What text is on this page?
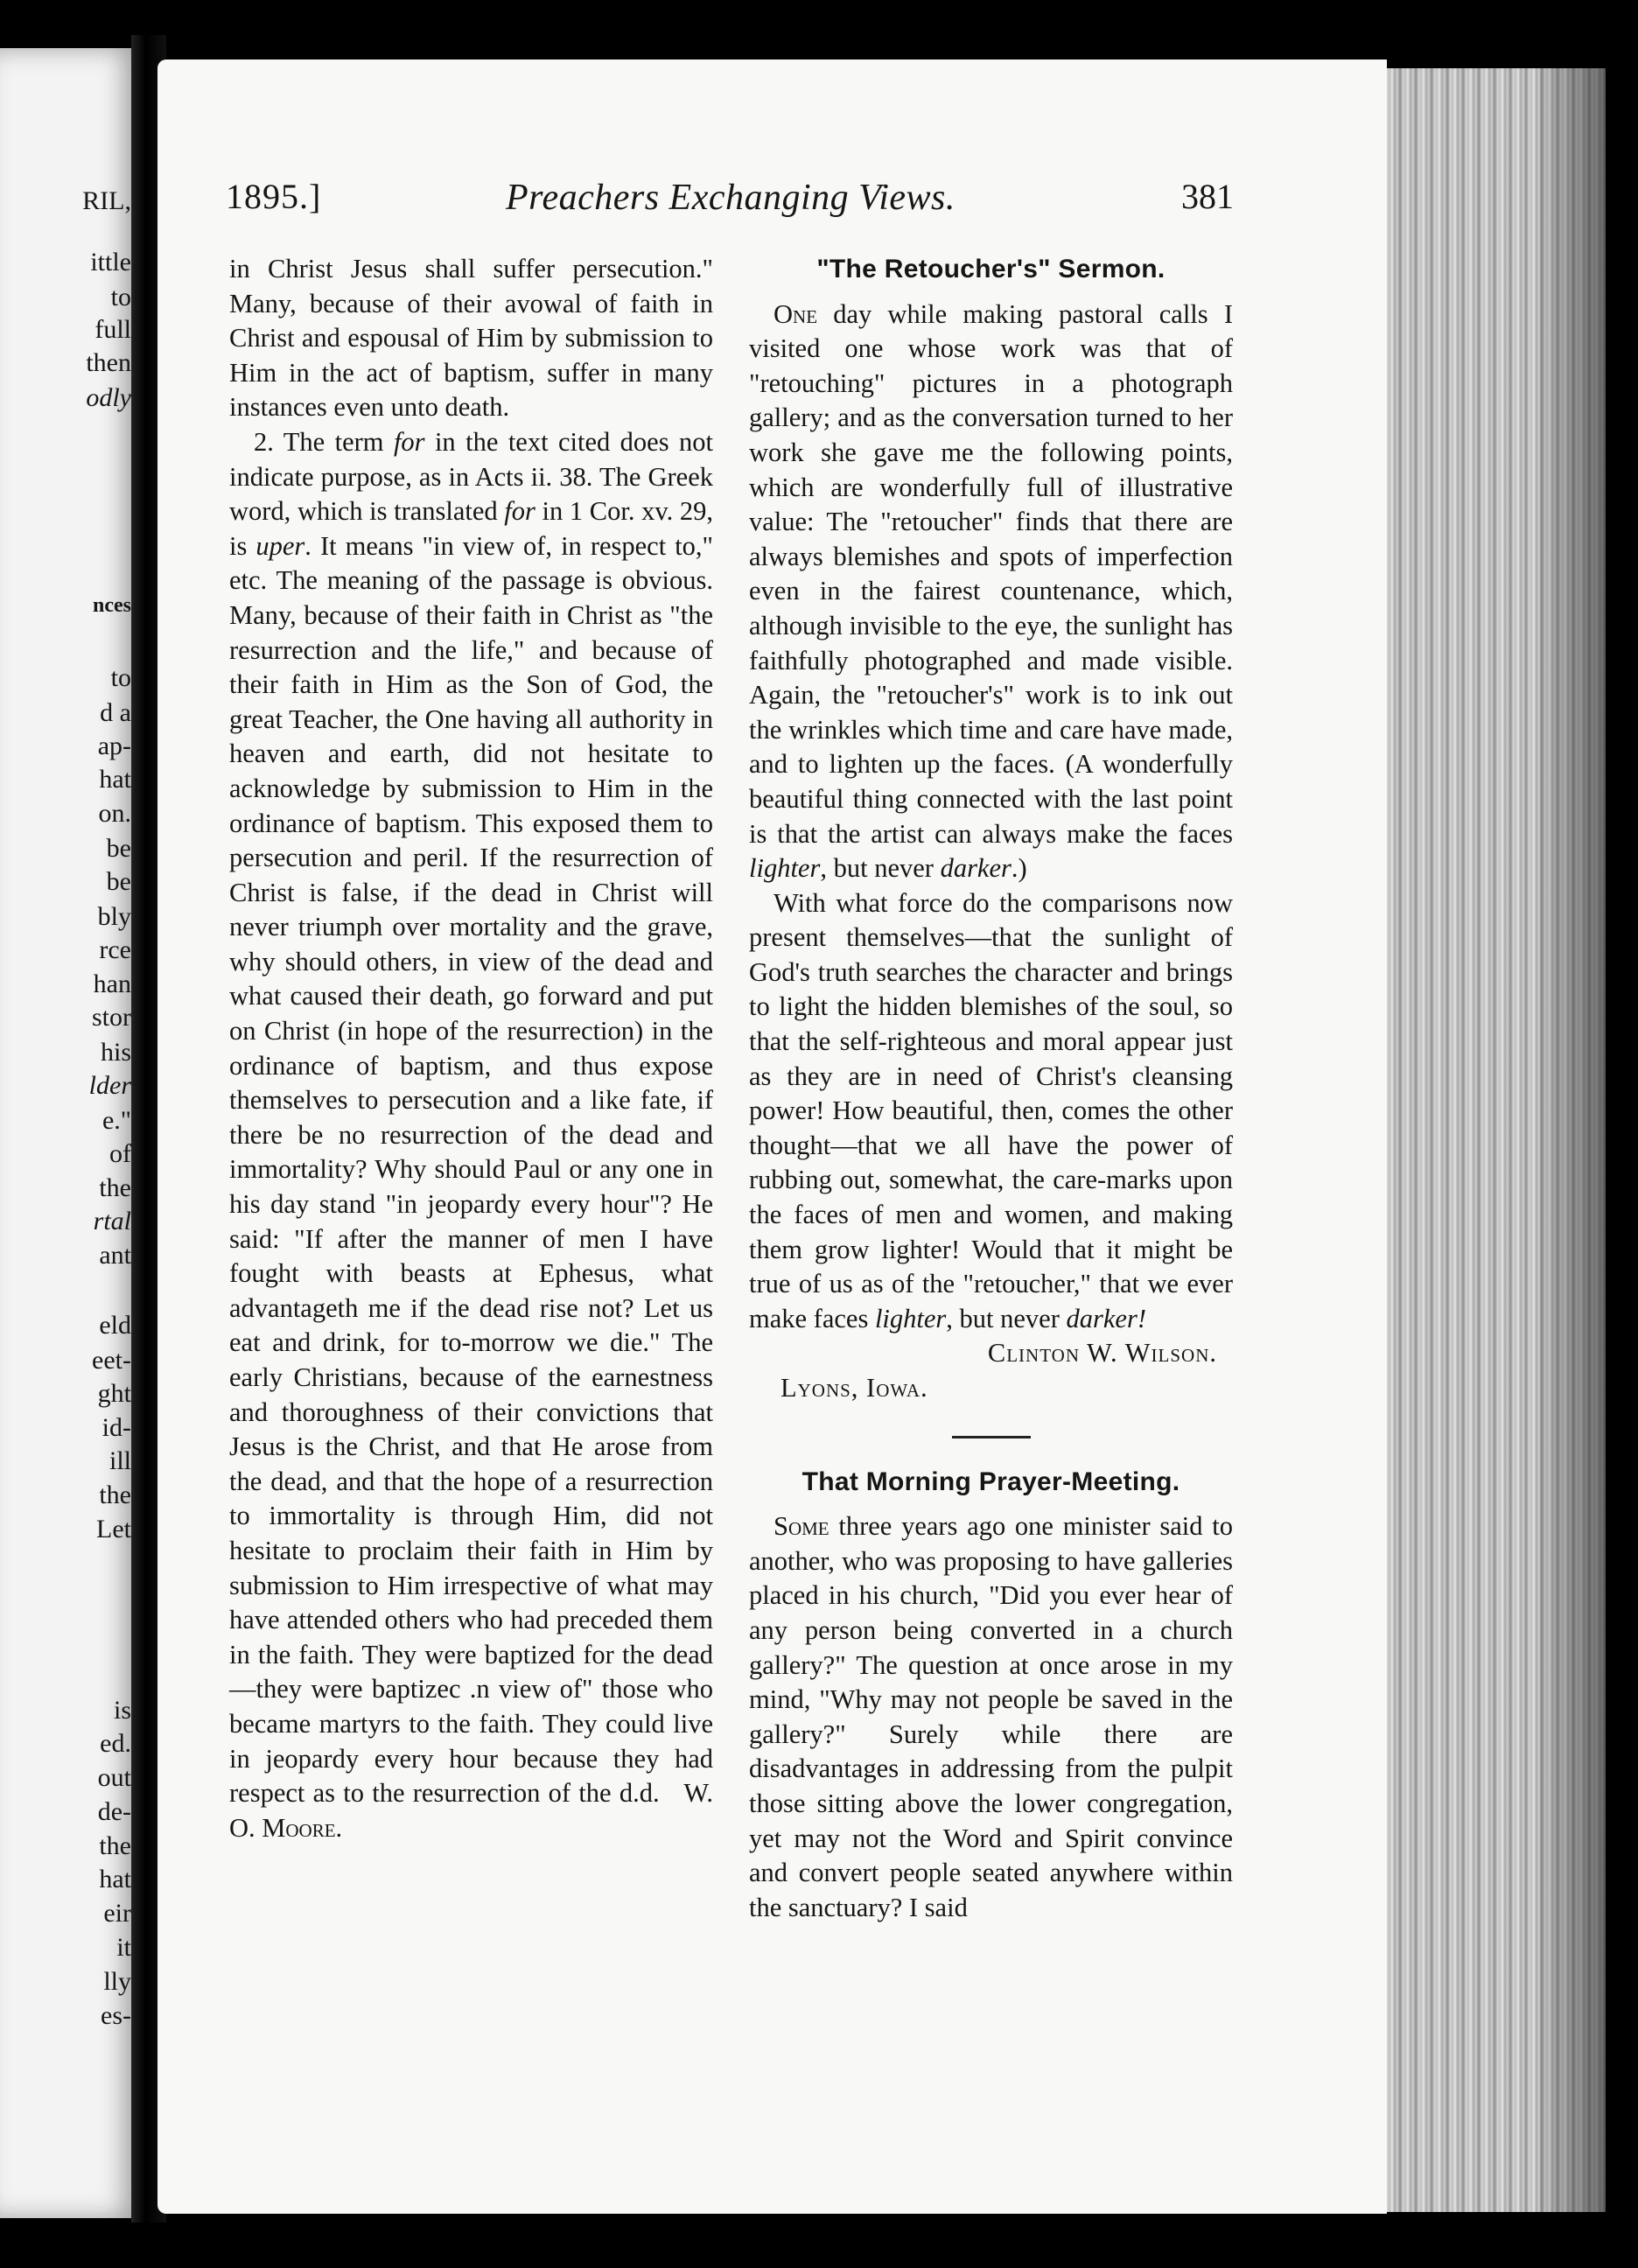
RIL,
ittle
to
full
then
odly
nces
to
d a
ap-
hat
on.
be
be
bly
rce
han
stor
his
lder
e."
of
the
rtal
ant
eld
eet-
ght
id-
ill
the
Let
is
ed.
out
de-
the
hat
eir
it
lly
es-
1895.]	Preachers Exchanging Views.	381

in Christ Jesus shall suffer persecution." Many, because of their avowal of faith in Christ and espousal of Him by submission to Him in the act of baptism, suffer in many instances even unto death.

2. The term for in the text cited does not indicate purpose, as in Acts ii. 38. The Greek word, which is translated for in 1 Cor. xv. 29, is uper. It means "in view of, in respect to," etc. The meaning of the passage is obvious. Many, because of their faith in Christ as "the resurrection and the life," and because of their faith in Him as the Son of God, the great Teacher, the One having all authority in heaven and earth, did not hesitate to acknowledge by submission to Him in the ordinance of baptism. This exposed them to persecution and peril. If the resurrection of Christ is false, if the dead in Christ will never triumph over mortality and the grave, why should others, in view of the dead and what caused their death, go forward and put on Christ (in hope of the resurrection) in the ordinance of baptism, and thus expose themselves to persecution and a like fate, if there be no resurrection of the dead and immortality? Why should Paul or any one in his day stand "in jeopardy every hour"? He said: "If after the manner of men I have fought with beasts at Ephesus, what advantageth me if the dead rise not? Let us eat and drink, for to-morrow we die." The early Christians, because of the earnestness and thoroughness of their convictions that Jesus is the Christ, and that He arose from the dead, and that the hope of a resurrection to immortality is through Him, did not hesitate to proclaim their faith in Him by submission to Him irrespective of what may have attended others who had preceded them in the faith. They were baptized for the dead—they were baptizec .n view of" those who became martyrs to the faith. They could live in jeopardy every hour because they had respect as to the resurrection of the d.d. W. O. Moore.

"The Retoucher's" Sermon.

One day while making pastoral calls I visited one whose work was that of "retouching" pictures in a photograph gallery; and as the conversation turned to her work she gave me the following points, which are wonderfully full of illustrative value: The "retoucher" finds that there are always blemishes and spots of imperfection even in the fairest countenance, which, although invisible to the eye, the sunlight has faithfully photographed and made visible. Again, the "retoucher's" work is to ink out the wrinkles which time and care have made, and to lighten up the faces. (A wonderfully beautiful thing connected with the last point is that the artist can always make the faces lighter, but never darker.)

With what force do the comparisons now present themselves—that the sunlight of God's truth searches the character and brings to light the hidden blemishes of the soul, so that the self-righteous and moral appear just as they are in need of Christ's cleansing power! How beautiful, then, comes the other thought—that we all have the power of rubbing out, somewhat, the care-marks upon the faces of men and women, and making them grow lighter! Would that it might be true of us as of the "retoucher," that we ever make faces lighter, but never darker!

Clinton W. Wilson.

Lyons, Iowa.

That Morning Prayer-Meeting.

Some three years ago one minister said to another, who was proposing to have galleries placed in his church, "Did you ever hear of any person being converted in a church gallery?" The question at once arose in my mind, "Why may not people be saved in the gallery?" Surely while there are disadvantages in addressing from the pulpit those sitting above the lower congregation, yet may not the Word and Spirit convince and convert people seated anywhere within the sanctuary? I said
